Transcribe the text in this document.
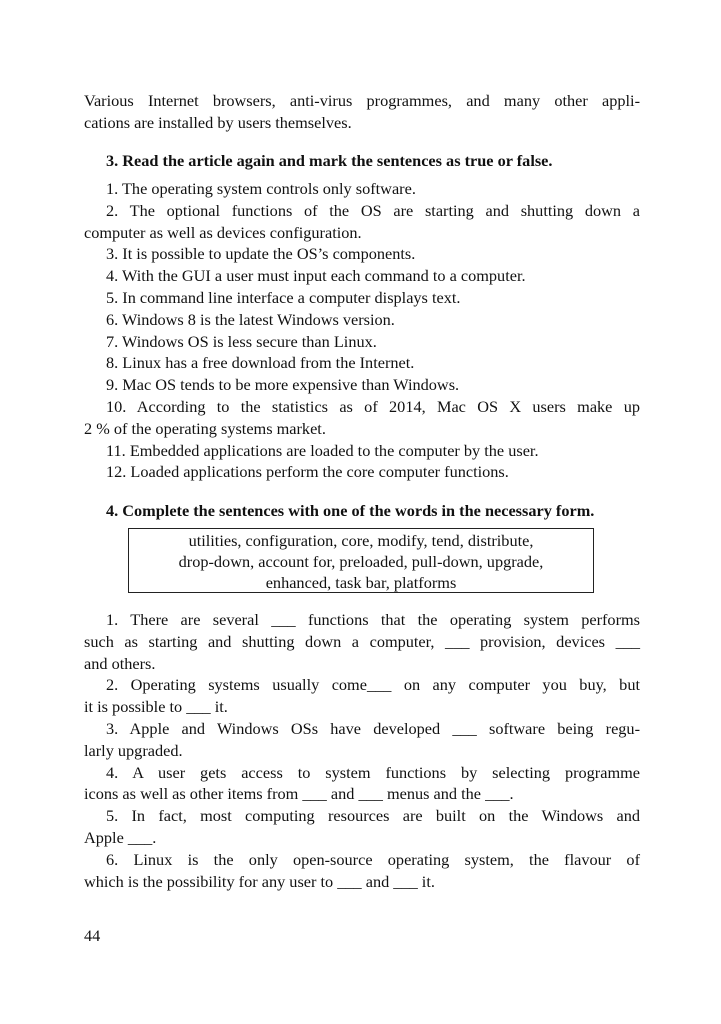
Various Internet browsers, anti-virus programmes, and many other appli-

cations are installed by users themselves.

3. Read the article again and mark the sentences as true or false.

1. The operating system controls only software.

2. The optional functions of the OS are starting and shutting down a

computer as well as devices configuration.

3. It is possible to update the OS’s components.

4. With the GUI a user must input each command to a computer.

5. In command line interface a computer displays text.

6. Windows 8 is the latest Windows version.

7. Windows OS is less secure than Linux.

8. Linux has a free download from the Internet.

9. Mac OS tends to be more expensive than Windows.

10. According to the statistics as of 2014, Mac OS X users make up

2 % of the operating systems market.

11. Embedded applications are loaded to the computer by the user.

12. Loaded applications perform the core computer functions.

4. Complete the sentences with one of the words in the necessary form.

utilities, configuration, core, modify, tend, distribute,
drop-down, account for, preloaded, pull-down, upgrade,
enhanced, task bar, platforms

1. There are several ___ functions that the operating system performs

such as starting and shutting down a computer, ___ provision, devices ___

and others.

2. Operating systems usually come___ on any computer you buy, but

it is possible to ___ it.

3. Apple and Windows OSs have developed ___ software being regu-

larly upgraded.

4. A user gets access to system functions by selecting programme

icons as well as other items from ___ and ___ menus and the ___.

5. In fact, most computing resources are built on the Windows and

Apple ___.

6. Linux is the only open-source operating system, the flavour of

which is the possibility for any user to ___ and ___ it.

44
